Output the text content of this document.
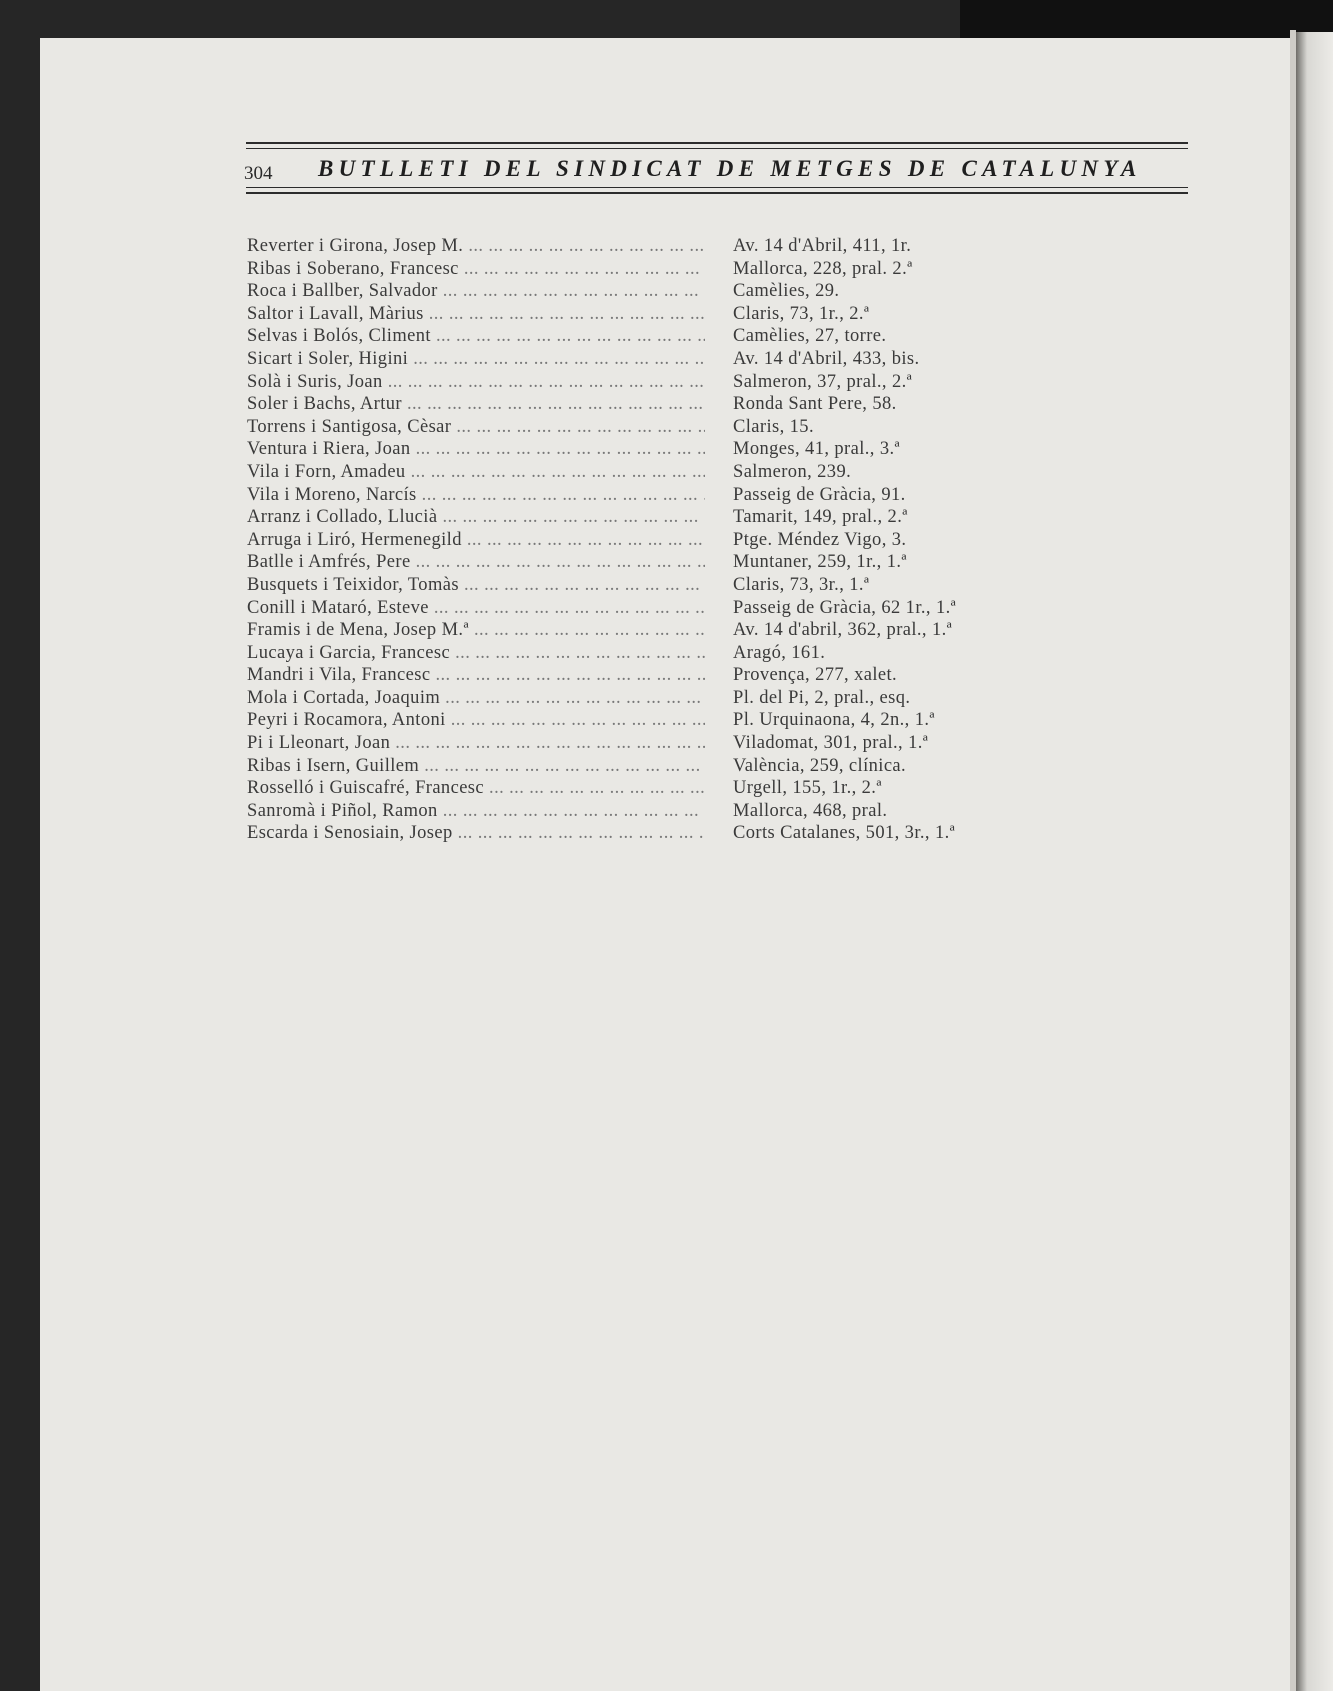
304 BUTLLETI DEL SINDICAT DE METGES DE CATALUNYA
Reverter i Girona, Josep M. ... .	Av. 14 d'Abril, 411, 1r.
Ribas i Soberano, Francesc ... .	Mallorca, 228, pral. 2.ª
Roca i Ballber, Salvador ... .	Camèlies, 29.
Saltor i Lavall, Màrius ... .	Claris, 73, 1r., 2.ª
Selvas i Bolós, Climent ... .	Camèlies, 27, torre.
Sicart i Soler, Higini ... .	Av. 14 d'Abril, 433, bis.
Solà i Suris, Joan ... .	Salmeron, 37, pral., 2.ª
Soler i Bachs, Artur ... .	Ronda Sant Pere, 58.
Torrens i Santigosa, Cèsar ... .	Claris, 15.
Ventura i Riera, Joan ... .	Monges, 41, pral., 3.ª
Vila i Forn, Amadeu ... .	Salmeron, 239.
Vila i Moreno, Narcís ... .	Passeig de Gràcia, 91.
Arranz i Collado, Llucià ... .	Tamarit, 149, pral., 2.ª
Arruga i Liró, Hermenegild ... .	Ptge. Méndez Vigo, 3.
Batlle i Amfrés, Pere ... .	Muntaner, 259, 1r., 1.ª
Busquets i Teixidor, Tomàs ... .	Claris, 73, 3r., 1.ª
Conill i Mataró, Esteve ... .	Passeig de Gràcia, 62 1r., 1.ª
Framis i de Mena, Josep M.ª ... .	Av. 14 d'abril, 362, pral., 1.ª
Lucaya i Garcia, Francesc ... .	Aragó, 161.
Mandri i Vila, Francesc ... .	Provença, 277, xalet.
Mola i Cortada, Joaquim ... .	Pl. del Pi, 2, pral., esq.
Peyri i Rocamora, Antoni ... .	Pl. Urquinaona, 4, 2n., 1.ª
Pi i Lleonart, Joan ... .	Viladomat, 301, pral., 1.ª
Ribas i Isern, Guillem ... .	València, 259, clínica.
Rosselló i Guiscafré, Francesc ... .	Urgell, 155, 1r., 2.ª
Sanromà i Piñol, Ramon ... .	Mallorca, 468, pral.
Escarda i Senosiain, Josep ... .	Corts Catalanes, 501, 3r., 1.ª
